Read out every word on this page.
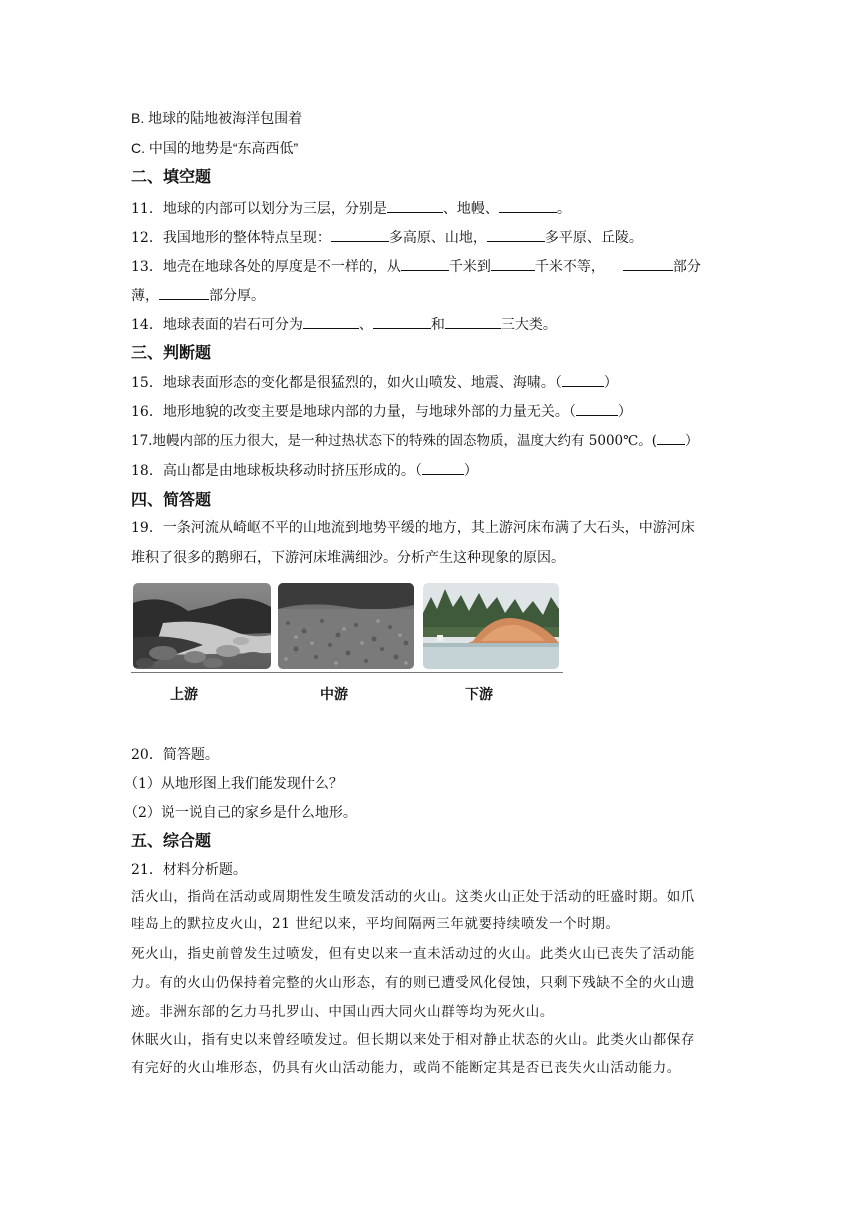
B. 地球的陆地被海洋包围着
C. 中国的地势是“东高西低”
二、填空题
11．地球的内部可以划分为三层，分别是	、地幔、	。
12．我国地形的整体特点呈现：	多高原、山地，	多平原、丘陵。
13．地壳在地球各处的厚度是不一样的，从	千米到	千米不等，	部分
薄，	部分厚。
14．地球表面的岩石可分为	、	和	三大类。
三、判断题
15．地球表面形态的变化都是很猛烈的，如火山喷发、地震、海啸。（	）
16．地形地貌的改变主要是地球内部的力量，与地球外部的力量无关。（	）
17.地幔内部的压力很大，是一种过热状态下的特殊的固态物质，温度大约有 5000℃。( ）
18．高山都是由地球板块移动时挤压形成的。（	）
四、简答题
19．一条河流从崎岖不平的山地流到地势平缓的地方，其上游河床布满了大石头，中游河床
堆积了很多的鹅卵石，下游河床堆满细沙。分析产生这种现象的原因。
上游	中游	下游
20．简答题。
（1）从地形图上我们能发现什么？
（2）说一说自己的家乡是什么地形。
五、综合题
21．材料分析题。
活火山，指尚在活动或周期性发生喷发活动的火山。这类火山正处于活动的旺盛时期。如爪
哇岛上的默拉皮火山，21 世纪以来，平均间隔两三年就要持续喷发一个时期。
死火山，指史前曾发生过喷发，但有史以来一直未活动过的火山。此类火山已丧失了活动能
力。有的火山仍保持着完整的火山形态，有的则已遭受风化侵蚀，只剩下残缺不全的火山遗
迹。非洲东部的乞力马扎罗山、中国山西大同火山群等均为死火山。
休眠火山，指有史以来曾经喷发过。但长期以来处于相对静止状态的火山。此类火山都保存
有完好的火山堆形态，仍具有火山活动能力，或尚不能断定其是否已丧失火山活动能力。
